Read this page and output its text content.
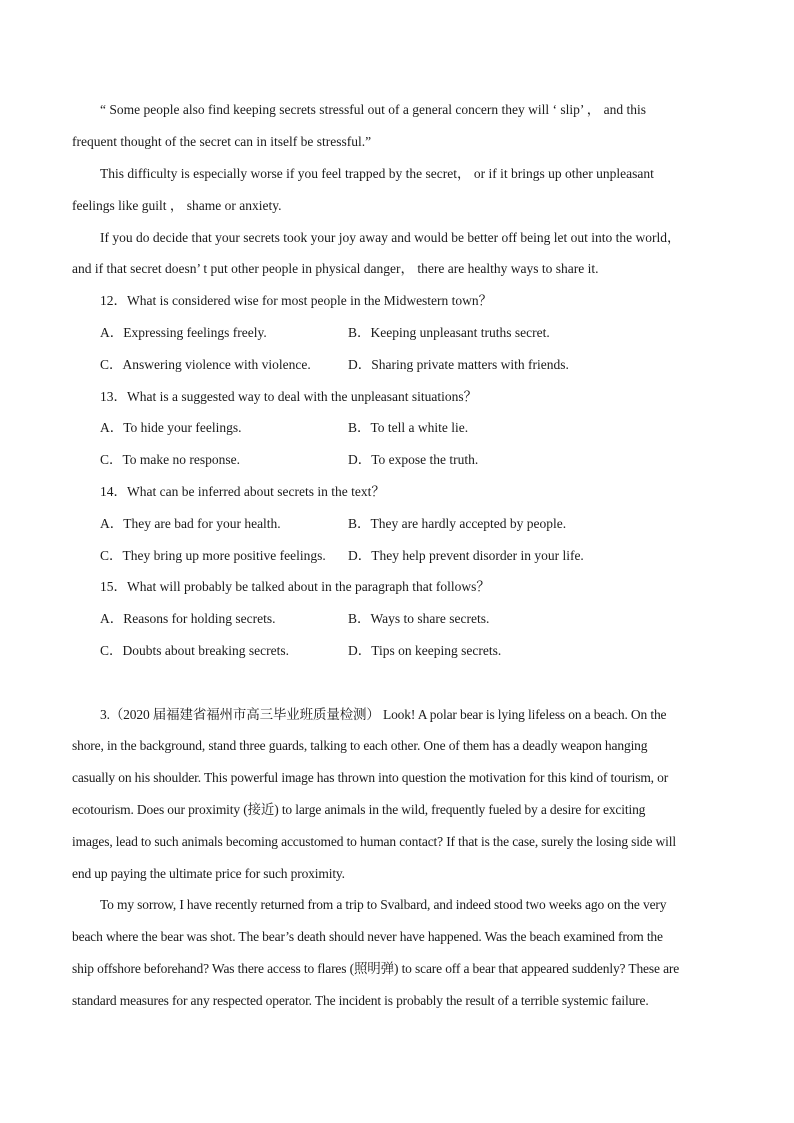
“ Some people also find keeping secrets stressful out of a general concern they will ‘ slip’ ， and this
frequent thought of the secret can in itself be stressful.”
This difficulty is especially worse if you feel trapped by the secret， or if it brings up other unpleasant
feelings like guilt ， shame or anxiety.
If you do decide that your secrets took your joy away and would be better off being let out into the world，
and if that secret doesn’ t put other people in physical danger， there are healthy ways to share it.
12．What is considered wise for most people in the Midwestern town？
A．Expressing feelings freely.	B．Keeping unpleasant truths secret.
C．Answering violence with violence.	D．Sharing private matters with friends.
13．What is a suggested way to deal with the unpleasant situations？
A．To hide your feelings.	B．To tell a white lie.
C．To make no response.	D．To expose the truth.
14．What can be inferred about secrets in the text？
A．They are bad for your health.	B．They are hardly accepted by people.
C．They bring up more positive feelings. D．They help prevent disorder in your life.
15．What will probably be talked about in the paragraph that follows？
A．Reasons for holding secrets.	B．Ways to share secrets.
C．Doubts about breaking secrets.	D．Tips on keeping secrets.
3.（2020 届福建省福州市高三毕业班质量检测） Look! A polar bear is lying lifeless on a beach. On the
shore, in the background, stand three guards, talking to each other. One of them has a deadly weapon hanging
casually on his shoulder. This powerful image has thrown into question the motivation for this kind of tourism, or
ecotourism. Does our proximity (接近) to large animals in the wild, frequently fueled by a desire for exciting
images, lead to such animals becoming accustomed to human contact? If that is the case, surely the losing side will
end up paying the ultimate price for such proximity.
To my sorrow, I have recently returned from a trip to Svalbard, and indeed stood two weeks ago on the very
beach where the bear was shot. The bear’s death should never have happened. Was the beach examined from the
ship offshore beforehand? Was there access to flares (照明弹) to scare off a bear that appeared suddenly? These are
standard measures for any respected operator. The incident is probably the result of a terrible systemic failure.
